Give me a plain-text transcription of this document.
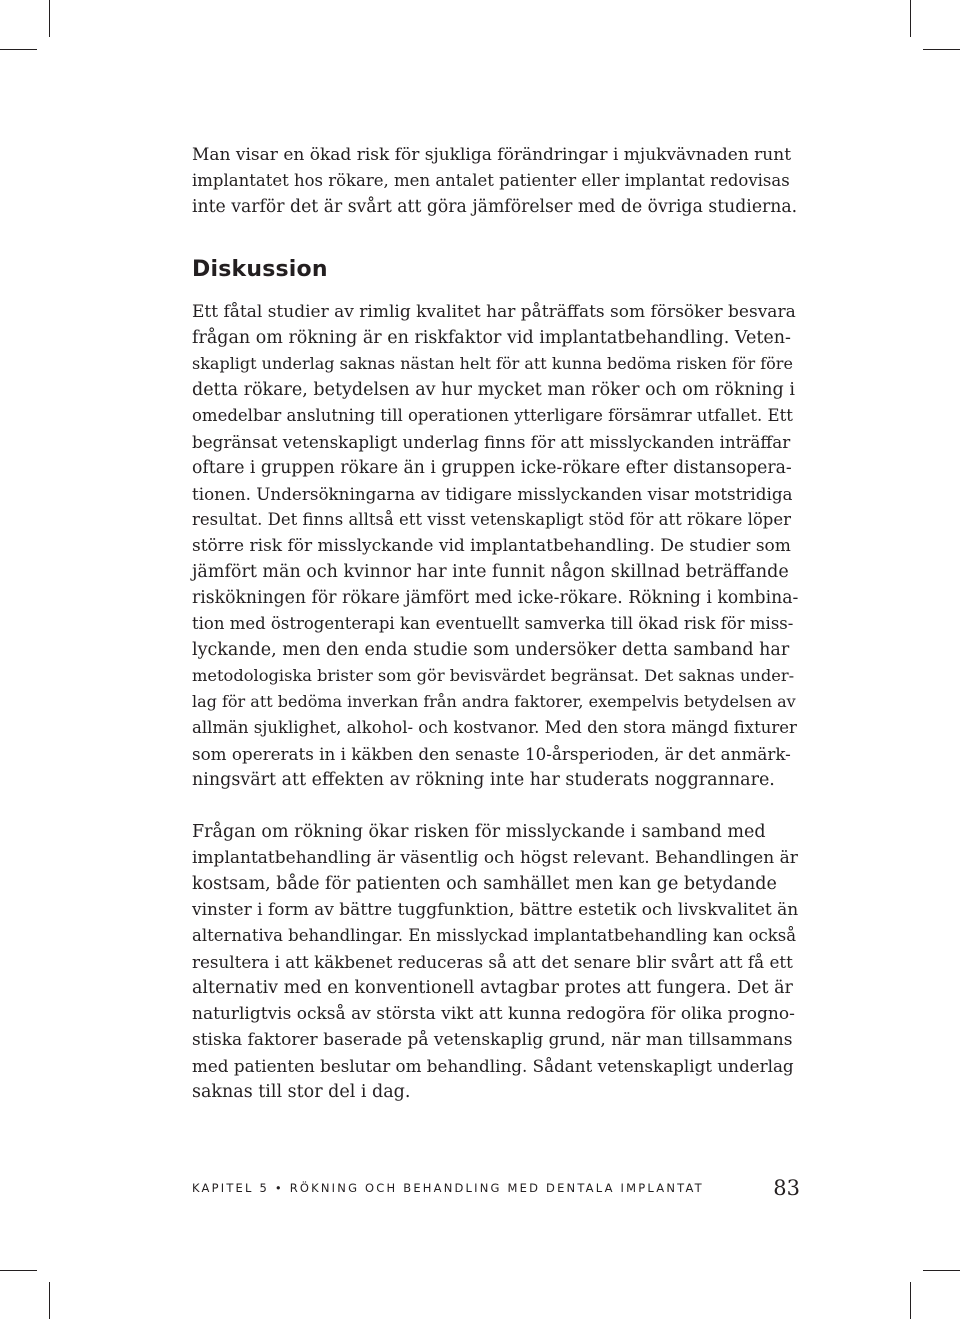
Man visar en ökad risk för sjukliga förändringar i mjukvävnaden runt
implantatet hos rökare, men antalet patienter eller implantat redovisas
inte varför det är svårt att göra jämförelser med de övriga studierna.
Diskussion
Ett fåtal studier av rimlig kvalitet har påträffats som försöker besvara
frågan om rökning är en riskfaktor vid implantatbehandling. Veten-
skapligt underlag saknas nästan helt för att kunna bedöma risken för före
detta rökare, betydelsen av hur mycket man röker och om rökning i
omedelbar anslutning till operationen ytterligare försämrar utfallet. Ett
begränsat vetenskapligt underlag finns för att misslyckanden inträffar
oftare i gruppen rökare än i gruppen icke-rökare efter distansopera-
tionen. Undersökningarna av tidigare misslyckanden visar motstridiga
resultat. Det finns alltså ett visst vetenskapligt stöd för att rökare löper
större risk för misslyckande vid implantatbehandling. De studier som
jämfört män och kvinnor har inte funnit någon skillnad beträffande
riskökningen för rökare jämfört med icke-rökare. Rökning i kombina-
tion med östrogenterapi kan eventuellt samverka till ökad risk för miss-
lyckande, men den enda studie som undersöker detta samband har
metodologiska brister som gör bevisvärdet begränsat. Det saknas under-
lag för att bedöma inverkan från andra faktorer, exempelvis betydelsen av
allmän sjuklighet, alkohol- och kostvanor. Med den stora mängd fixturer
som opererats in i käkben den senaste 10-årsperioden, är det anmärk-
ningsvärt att effekten av rökning inte har studerats noggrannare.
Frågan om rökning ökar risken för misslyckande i samband med
implantatbehandling är väsentlig och högst relevant. Behandlingen är
kostsam, både för patienten och samhället men kan ge betydande
vinster i form av bättre tuggfunktion, bättre estetik och livskvalitet än
alternativa behandlingar. En misslyckad implantatbehandling kan också
resultera i att käkbenet reduceras så att det senare blir svårt att få ett
alternativ med en konventionell avtagbar protes att fungera. Det är
naturligtvis också av största vikt att kunna redogöra för olika progno-
stiska faktorer baserade på vetenskaplig grund, när man tillsammans
med patienten beslutar om behandling. Sådant vetenskapligt underlag
saknas till stor del i dag.
KAPITEL 5 • RÖKNING OCH BEHANDLING MED DENTALA IMPLANTAT	83
